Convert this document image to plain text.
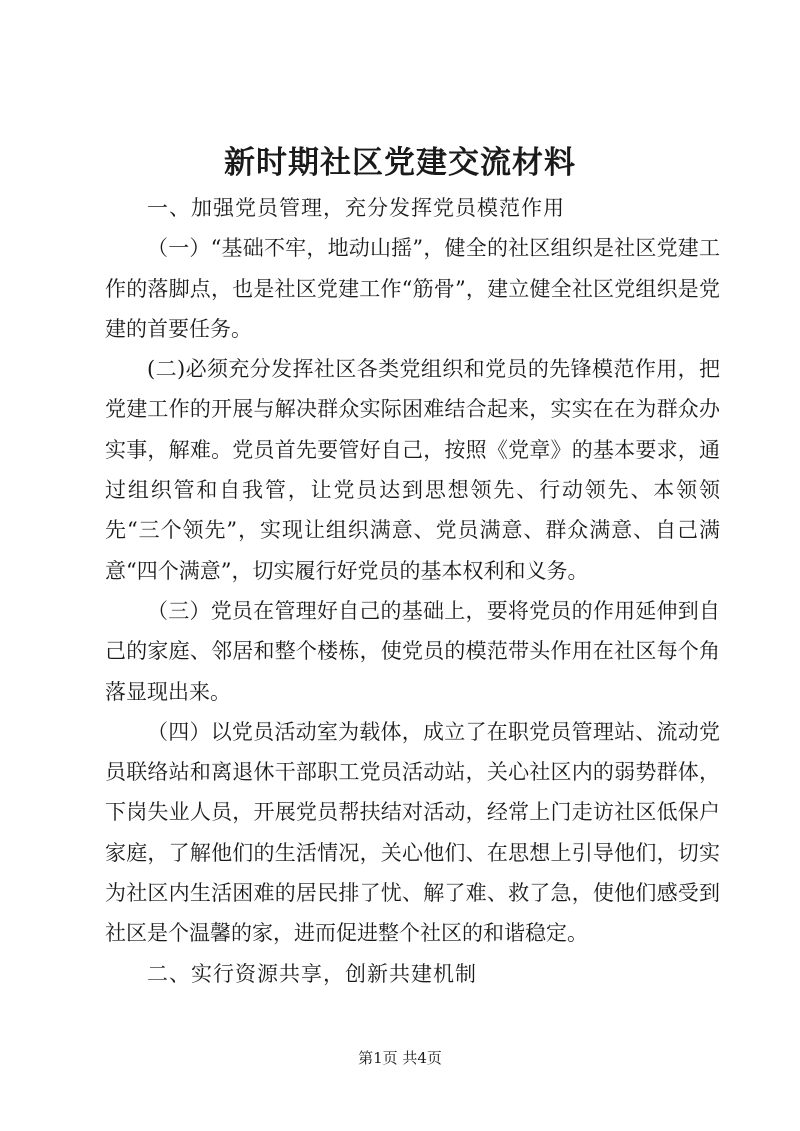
新时期社区党建交流材料

一、加强党员管理，充分发挥党员模范作用

（一）“基础不牢，地动山摇”，健全的社区组织是社区党建工作的落脚点，也是社区党建工作“筋骨”，建立健全社区党组织是党建的首要任务。

(二)必须充分发挥社区各类党组织和党员的先锋模范作用，把党建工作的开展与解决群众实际困难结合起来，实实在在为群众办实事，解难。党员首先要管好自己，按照《党章》的基本要求，通过组织管和自我管，让党员达到思想领先、行动领先、本领领先“三个领先”，实现让组织满意、党员满意、群众满意、自己满意“四个满意”，切实履行好党员的基本权利和义务。

（三）党员在管理好自己的基础上，要将党员的作用延伸到自己的家庭、邻居和整个楼栋，使党员的模范带头作用在社区每个角落显现出来。

（四）以党员活动室为载体，成立了在职党员管理站、流动党员联络站和离退休干部职工党员活动站，关心社区内的弱势群体，下岗失业人员，开展党员帮扶结对活动，经常上门走访社区低保户家庭，了解他们的生活情况，关心他们、在思想上引导他们，切实为社区内生活困难的居民排了忧、解了难、救了急，使他们感受到社区是个温馨的家，进而促进整个社区的和谐稳定。

二、实行资源共享，创新共建机制

第1页 共4页
